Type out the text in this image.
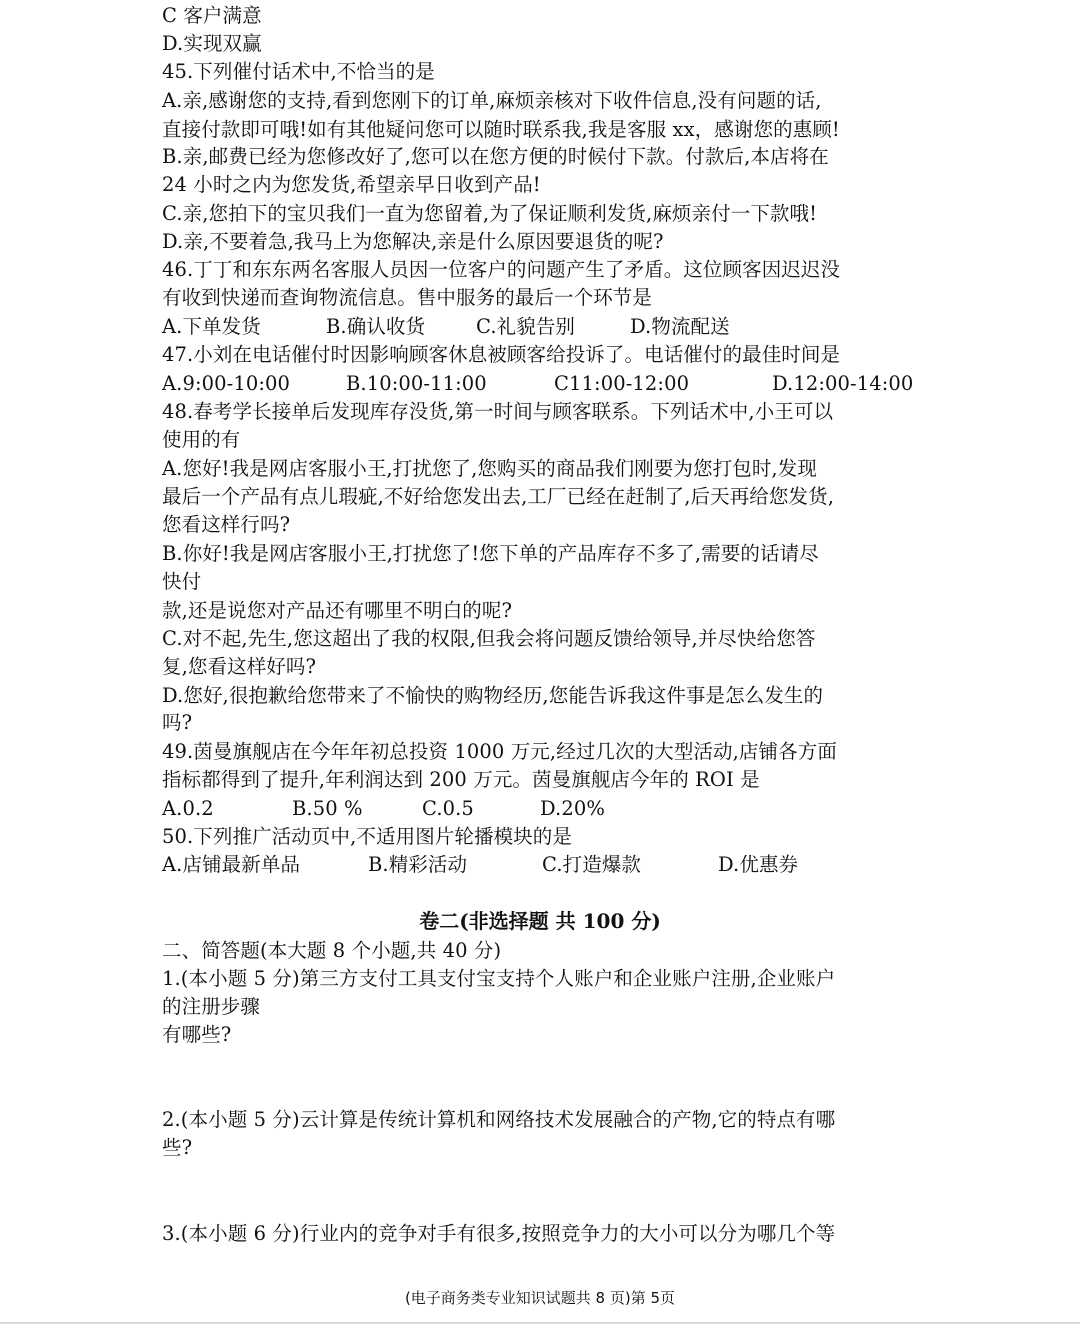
C 客户满意
D.实现双赢
45.下列催付话术中,不恰当的是
A.亲,感谢您的支持,看到您刚下的订单,麻烦亲核对下收件信息,没有问题的话,
直接付款即可哦!如有其他疑问您可以随时联系我,我是客服 xx，感谢您的惠顾!
B.亲,邮费已经为您修改好了,您可以在您方便的时候付下款。付款后,本店将在
24 小时之内为您发货,希望亲早日收到产品!
C.亲,您拍下的宝贝我们一直为您留着,为了保证顺利发货,麻烦亲付一下款哦!
D.亲,不要着急,我马上为您解决,亲是什么原因要退货的呢?
46.丁丁和东东两名客服人员因一位客户的问题产生了矛盾。这位顾客因迟迟没
有收到快递而查询物流信息。售中服务的最后一个环节是
A.下单发货	B.确认收货	C.礼貌告别	D.物流配送
47.小刘在电话催付时因影响顾客休息被顾客给投诉了。电话催付的最佳时间是
A.9:00-10:00	B.10:00-11:00	C11:00-12:00	D.12:00-14:00
48.春考学长接单后发现库存没货,第一时间与顾客联系。下列话术中,小王可以
使用的有
A.您好!我是网店客服小王,打扰您了,您购买的商品我们刚要为您打包时,发现
最后一个产品有点儿瑕疵,不好给您发出去,工厂已经在赶制了,后天再给您发货,
您看这样行吗?
B.你好!我是网店客服小王,打扰您了!您下单的产品库存不多了,需要的话请尽
快付
款,还是说您对产品还有哪里不明白的呢?
C.对不起,先生,您这超出了我的权限,但我会将问题反馈给领导,并尽快给您答
复,您看这样好吗?
D.您好,很抱歉给您带来了不愉快的购物经历,您能告诉我这件事是怎么发生的
吗?
49.茵曼旗舰店在今年年初总投资 1000 万元,经过几次的大型活动,店铺各方面
指标都得到了提升,年利润达到 200 万元。茵曼旗舰店今年的 ROI 是
A.0.2	B.50 %	C.0.5	D.20%
50.下列推广活动页中,不适用图片轮播模块的是
A.店铺最新单品	B.精彩活动	C.打造爆款	D.优惠券
卷二(非选择题 共 100 分)
二、简答题(本大题 8 个小题,共 40 分)
1.(本小题 5 分)第三方支付工具支付宝支持个人账户和企业账户注册,企业账户
的注册步骤
有哪些?
2.(本小题 5 分)云计算是传统计算机和网络技术发展融合的产物,它的特点有哪
些?
3.(本小题 6 分)行业内的竞争对手有很多,按照竞争力的大小可以分为哪几个等
(电子商务类专业知识试题共 8 页)第 5页
